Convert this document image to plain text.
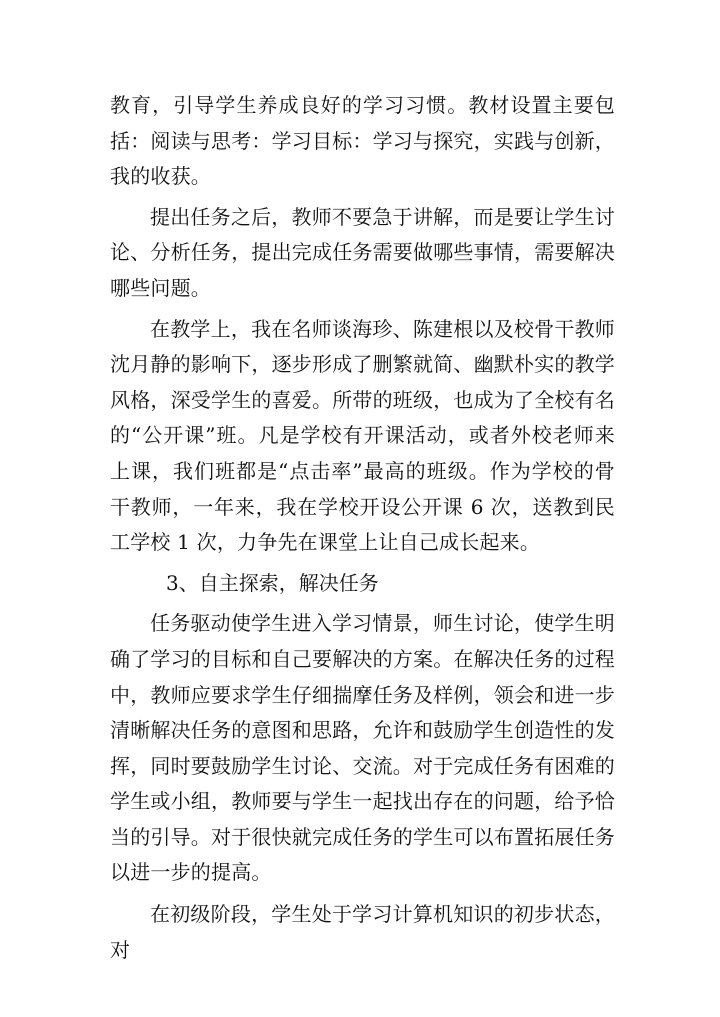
教育，引导学生养成良好的学习习惯。教材设置主要包括：阅读与思考：学习目标：学习与探究，实践与创新，我的收获。

提出任务之后，教师不要急于讲解，而是要让学生讨论、分析任务，提出完成任务需要做哪些事情，需要解决哪些问题。

在教学上，我在名师谈海珍、陈建根以及校骨干教师沈月静的影响下，逐步形成了删繁就简、幽默朴实的教学风格，深受学生的喜爱。所带的班级，也成为了全校有名的“公开课”班。凡是学校有开课活动，或者外校老师来上课，我们班都是“点击率”最高的班级。作为学校的骨干教师，一年来，我在学校开设公开课 6 次，送教到民工学校 1 次，力争先在课堂上让自己成长起来。

3、自主探索，解决任务

任务驱动使学生进入学习情景，师生讨论，使学生明确了学习的目标和自己要解决的方案。在解决任务的过程中，教师应要求学生仔细揣摩任务及样例，领会和进一步清晰解决任务的意图和思路，允许和鼓励学生创造性的发挥，同时要鼓励学生讨论、交流。对于完成任务有困难的学生或小组，教师要与学生一起找出存在的问题，给予恰当的引导。对于很快就完成任务的学生可以布置拓展任务以进一步的提高。

在初级阶段，学生处于学习计算机知识的初步状态，对
